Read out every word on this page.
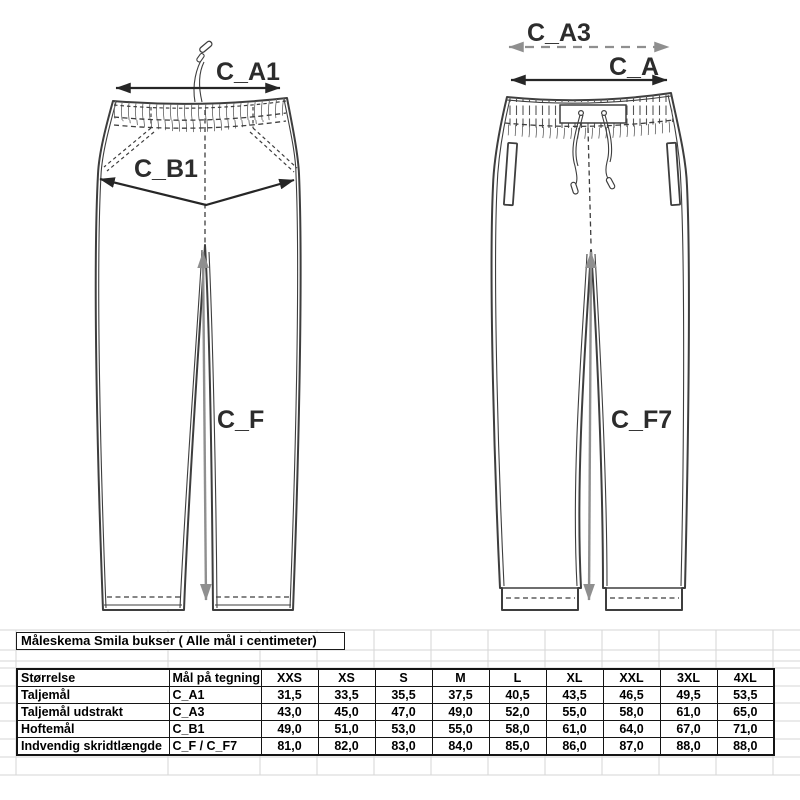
C_A1
C_B1
C_F
C_A3
C_A
C_F7
Måleskema Smila bukser ( Alle mål i centimeter)
Størrelse	Mål på tegning	XXS	XS	S	M	L	XL	XXL	3XL	4XL
Taljemål	C_A1	31,5	33,5	35,5	37,5	40,5	43,5	46,5	49,5	53,5
Taljemål udstrakt	C_A3	43,0	45,0	47,0	49,0	52,0	55,0	58,0	61,0	65,0
Hoftemål	C_B1	49,0	51,0	53,0	55,0	58,0	61,0	64,0	67,0	71,0
Indvendig skridtlængde	C_F / C_F7	81,0	82,0	83,0	84,0	85,0	86,0	87,0	88,0	88,0
